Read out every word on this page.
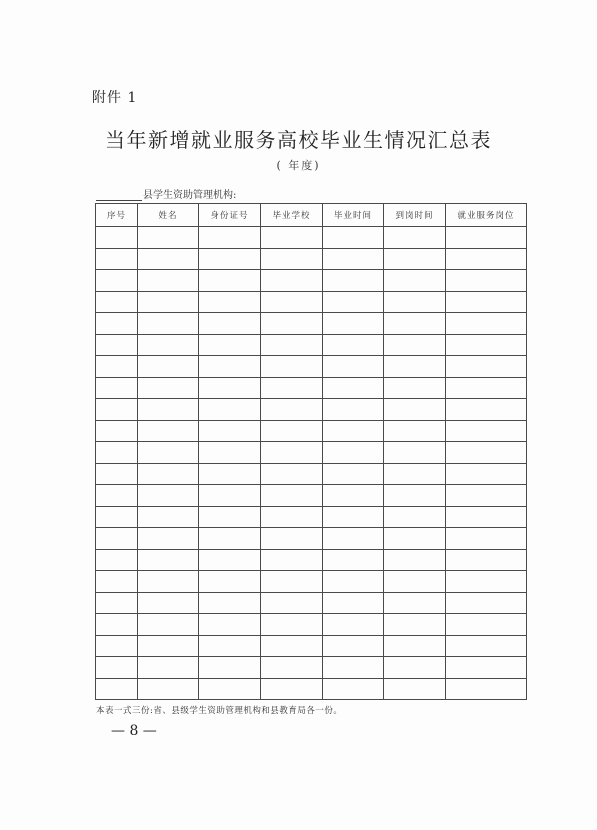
附件 1
当年新增就业服务高校毕业生情况汇总表
( 年度)
县学生资助管理机构:
序号	姓名	身份证号	毕业学校	毕业时间	到岗时间	就业服务岗位

本表一式三份:省、县级学生资助管理机构和县教育局各一份。
— 8 —
